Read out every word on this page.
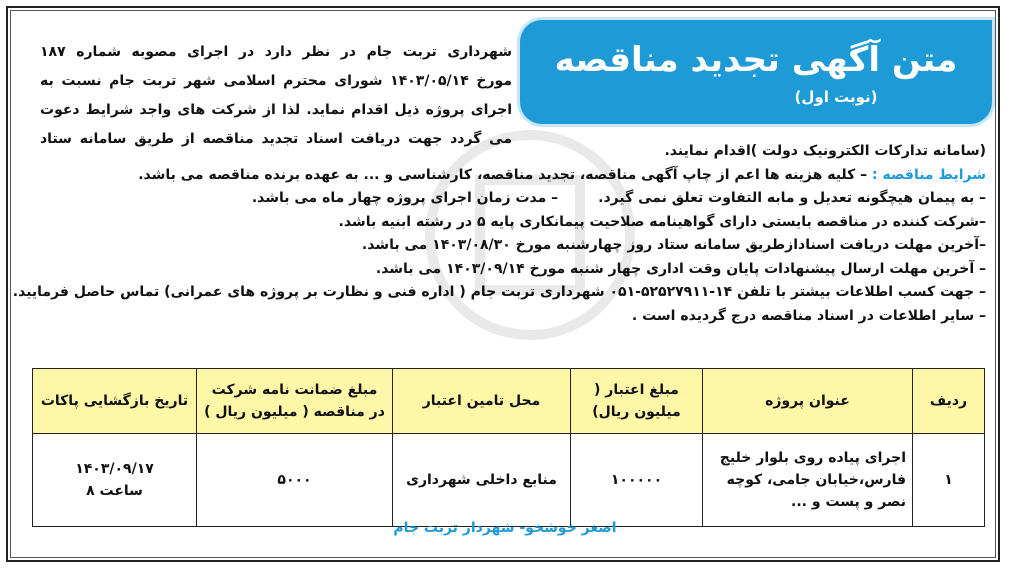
متن آگهی تجدید مناقصه
(نوبت اول)
شهرداری تربت جام در نظر دارد در اجرای مصوبه شماره ۱۸۷
مورخ ۱۴۰۳/۰۵/۱۴ شورای محترم اسلامی شهر تربت جام نسبت به
اجرای پروژه ذیل اقدام نماید. لذا از شرکت های واجد شرایط دعوت
می گردد جهت دریافت اسناد تجدید مناقصه از طریق سامانه ستاد
(سامانه تدارکات الکترونیک دولت )اقدام نمایند.
شرایط مناقصه : – کلیه هزینه ها اعم از چاپ آگهی مناقصه، تجدید مناقصه، کارشناسی و ... به عهده برنده مناقصه می باشد.
– به پیمان هیچگونه تعدیل و مابه التفاوت تعلق نمی گیرد.– مدت زمان اجرای پروژه چهار ماه می باشد.
–شرکت کننده در مناقصه بایستی دارای گواهینامه صلاحیت پیمانکاری پایه ۵ در رشته ابنیه باشد.
–آخرین مهلت دریافت اسنادازطریق سامانه ستاد روز چهارشنبه مورخ ۱۴۰۳/۰۸/۳۰ می باشد.
– آخرین مهلت ارسال پیشنهادات پایان وقت اداری چهار شنبه مورخ ۱۴۰۳/۰۹/۱۴ می باشد.
– جهت کسب اطلاعات بیشتر با تلفن ۱۴-۵۲۵۲۷۹۱۱-۰۵۱ شهرداری تربت جام ( اداره فنی و نظارت بر پروژه های عمرانی) تماس حاصل فرمایید.
– سایر اطلاعات در اسناد مناقصه درج گردیده است .
ردیف	عنوان پروژه	مبلغ اعتبار ( میلیون ریال)	محل تامین اعتبار	مبلغ ضمانت نامه شرکت در مناقصه ( میلیون ریال )	تاریخ بازگشایی پاکات
۱	اجرای پیاده روی بلوار خلیج فارس،خیابان جامی، کوچه نصر و پست و ...	۱۰۰۰۰۰	منابع داخلی شهرداری	۵۰۰۰	۱۴۰۳/۰۹/۱۷
ساعت ۸
اصغر خوشخو- شهردار تربت جام
